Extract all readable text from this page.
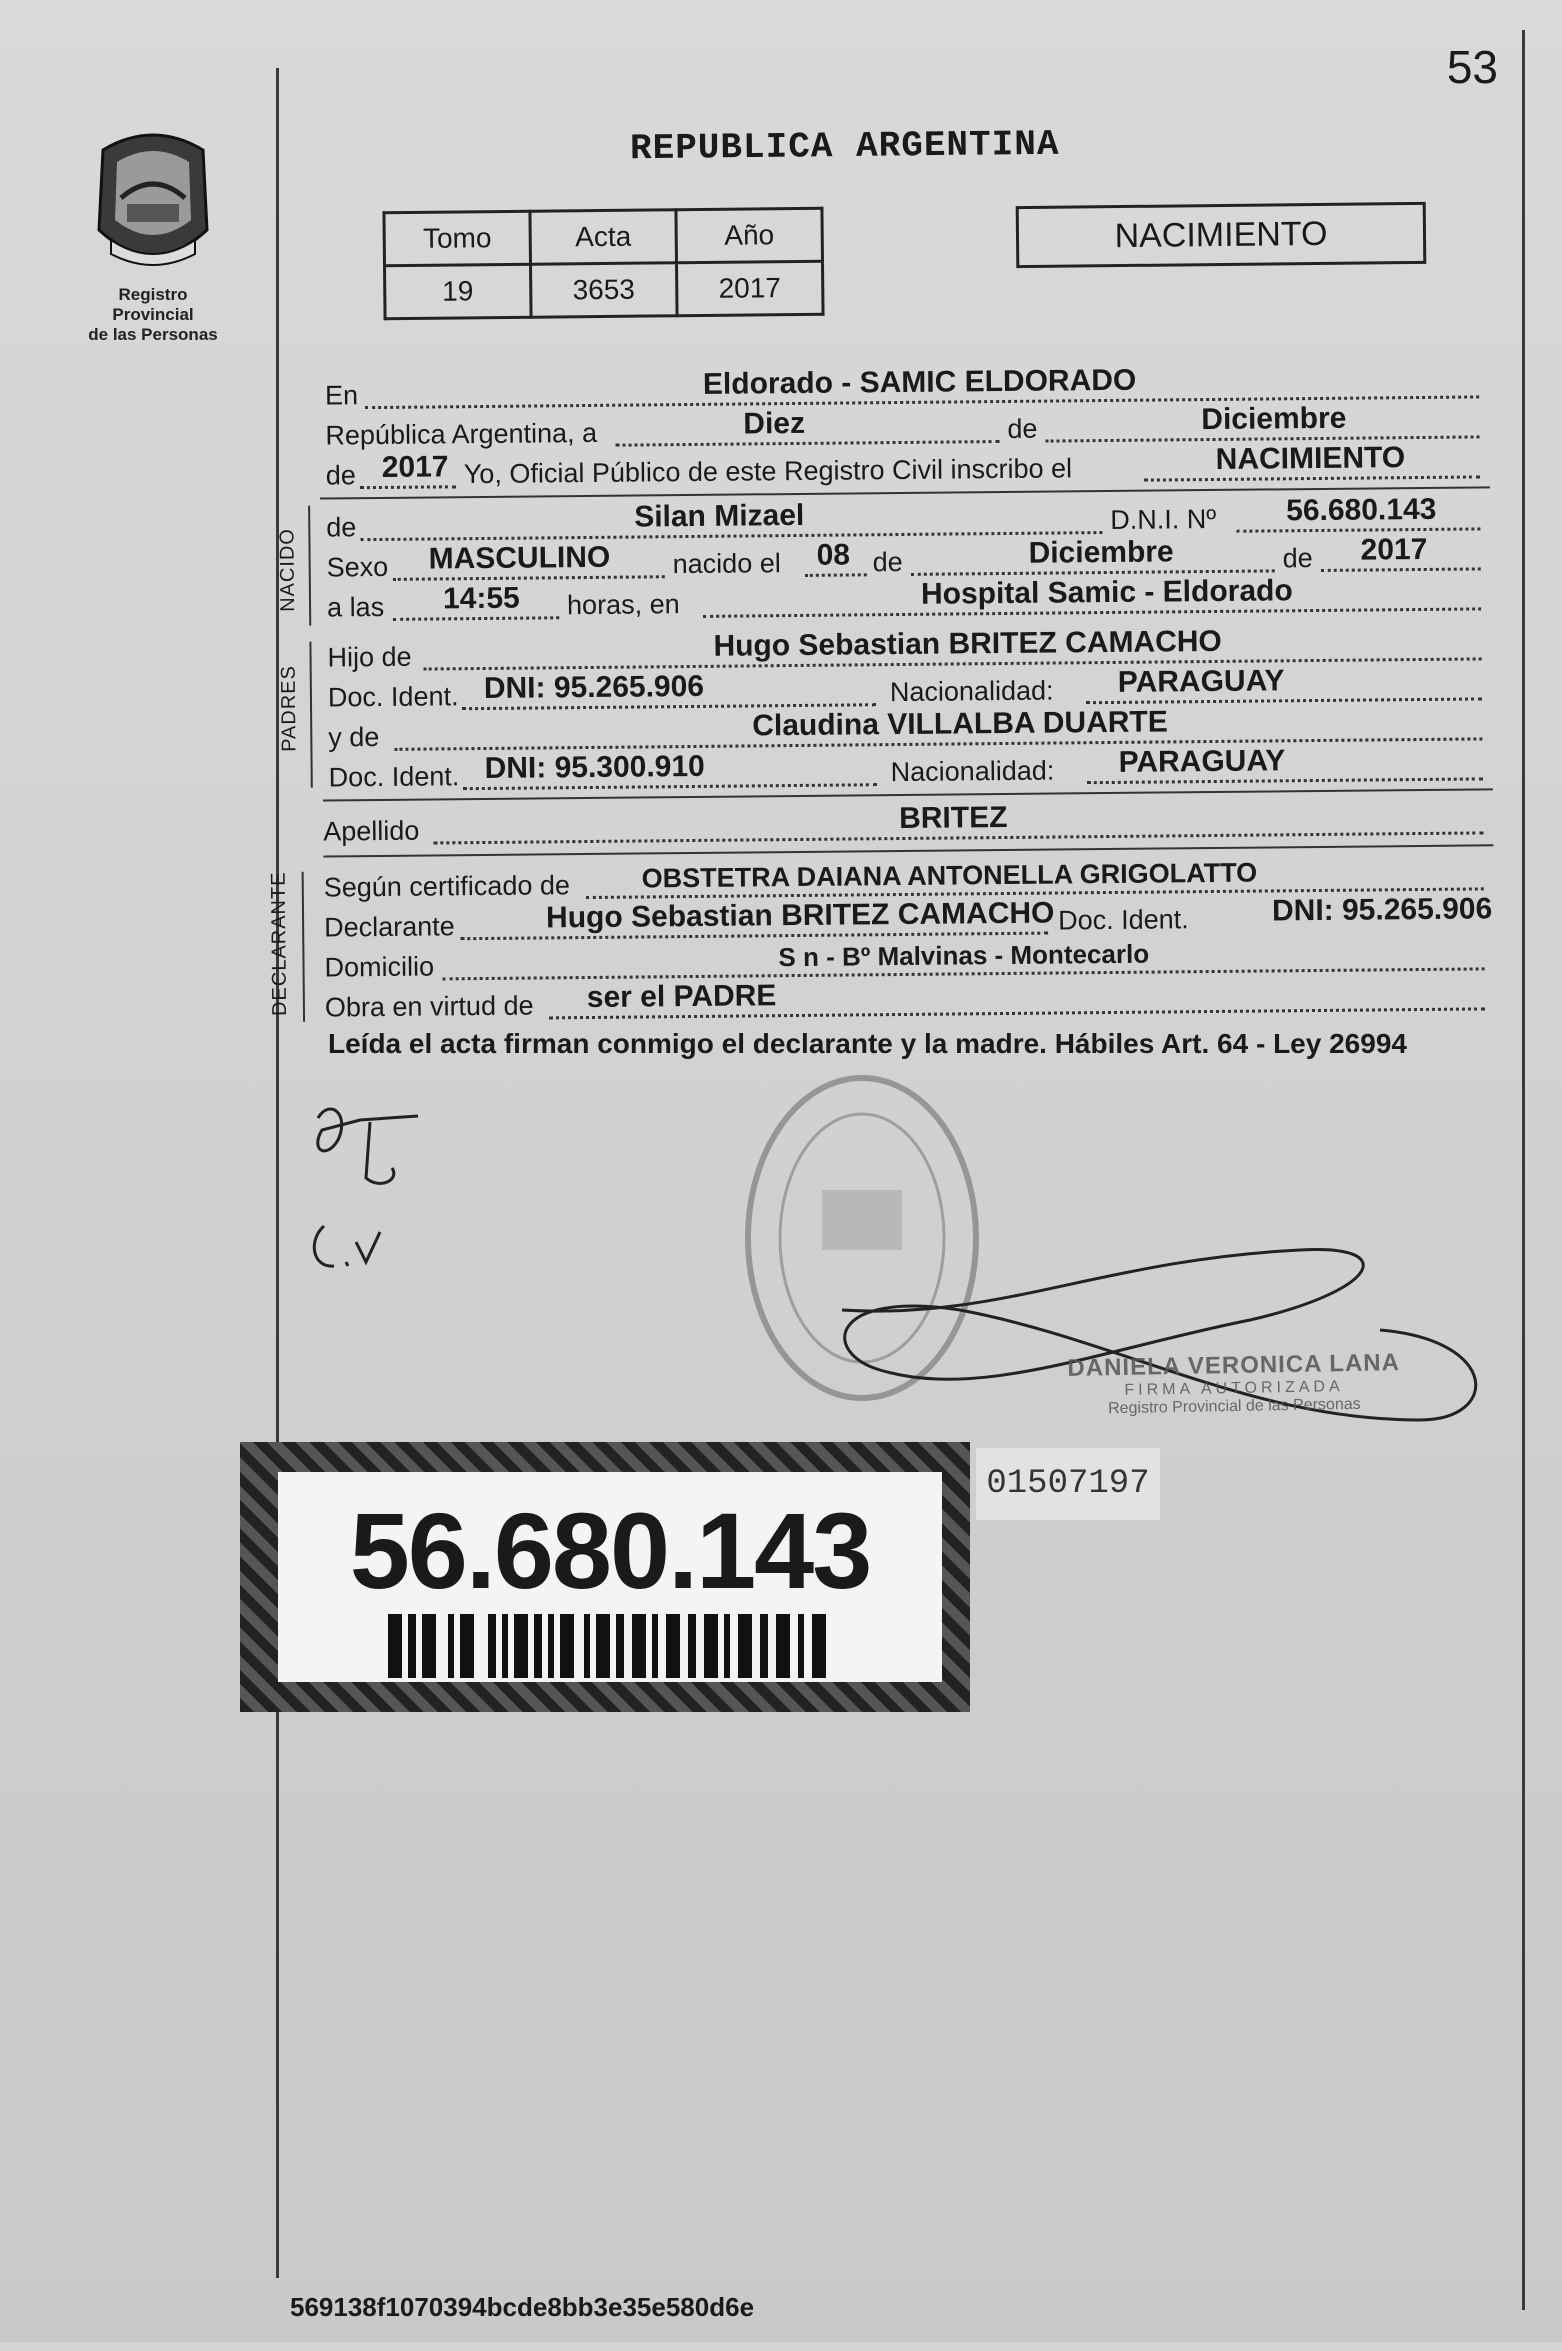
53
Registro Provincial
de las Personas
REPUBLICA ARGENTINA
Tomo	Acta	Año
19	3653	2017
NACIMIENTO
En	Eldorado - SAMIC ELDORADO
República Argentina, a	Diez	de	Diciembre
de 2017 Yo, Oficial Público de este Registro Civil inscribo el	NACIMIENTO
de	Silan Mizael	D.N.I. Nº 56.680.143
Sexo MASCULINO nacido el 08 de	Diciembre	de 2017
a las 14:55 horas, en	Hospital Samic - Eldorado
NACIDO
Hijo de	Hugo Sebastian BRITEZ CAMACHO
Doc. Ident. DNI: 95.265.906	Nacionalidad: PARAGUAY
y de	Claudina VILLALBA DUARTE
Doc. Ident. DNI: 95.300.910	Nacionalidad: PARAGUAY
PADRES
Apellido	BRITEZ
Según certificado de	OBSTETRA DAIANA ANTONELLA GRIGOLATTO
Declarante	Hugo Sebastian BRITEZ CAMACHO Doc. Ident.	DNI: 95.265.906
Domicilio	S n - Bº Malvinas - Montecarlo
Obra en virtud de ser el PADRE
DECLARANTE
Leída el acta firman conmigo el declarante y la madre. Hábiles Art. 64 - Ley 26994
DANIELA VERONICA LANA
FIRMA AUTORIZADA
Registro Provincial de las Personas
56.680.143
01507197
569138f1070394bcde8bb3e35e580d6e
